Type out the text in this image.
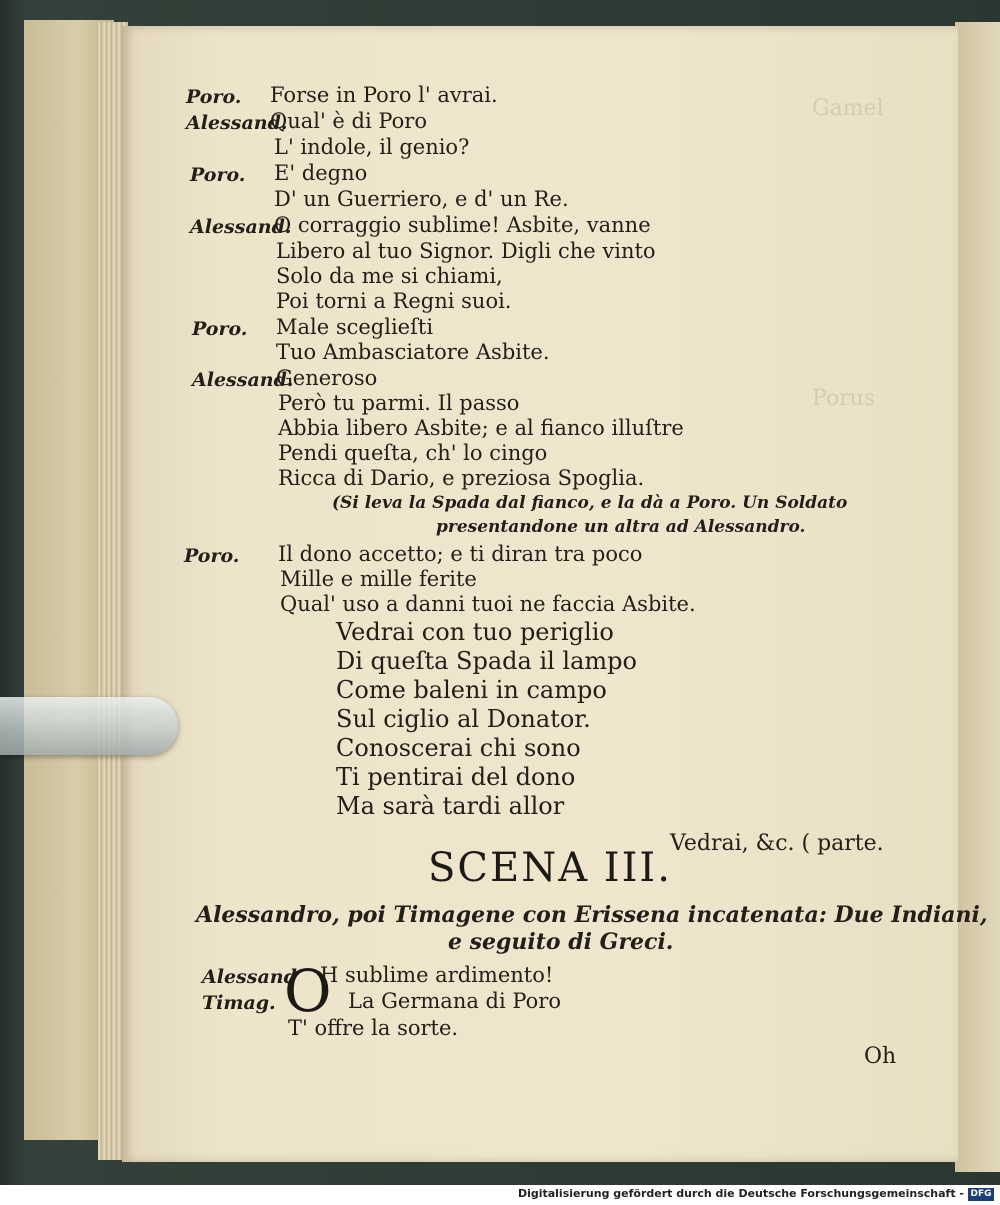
Gamel
Porus
Poro. Forse in Poro l' avrai.
Alessand.
Qual' è di Poro
L' indole, il genio?
Poro. E' degno
D' un Guerriero, e d' un Re.
Alessand.
O corraggio sublime! Asbite, vanne
Libero al tuo Signor. Digli che vinto
Solo da me si chiami,
Poi torni a Regni suoi.
Poro. Male sceglieſti
Tuo Ambasciatore Asbite.
Alessand.
Generoso
Però tu parmi. Il passo
Abbia libero Asbite; e al fianco illuſtre
Pendi queſta, ch' lo cingo
Ricca di Dario, e preziosa Spoglia.
(Si leva la Spada dal fianco, e la dà a Poro. Un Soldato
presentandone un altra ad Alessandro.
Poro. Il dono accetto; e ti diran tra poco
Mille e mille ferite
Qual' uso a danni tuoi ne faccia Asbite.
Vedrai con tuo periglio
Di queſta Spada il lampo
Come baleni in campo
Sul ciglio al Donator.
Conoscerai chi sono
Ti pentirai del dono
Ma sarà tardi allor
Vedrai, &c. ( parte.
Alessandro, poi Timagene con Erissena incatenata: Due Indiani,
e seguito di Greci.
Alessand H sublime ardimento!
Timag.	La Germana di Poro
T' offre la sorte.
Oh
SCENA III.
O
Digitalisierung gefördert durch die Deutsche Forschungsgemeinschaft - DFG
